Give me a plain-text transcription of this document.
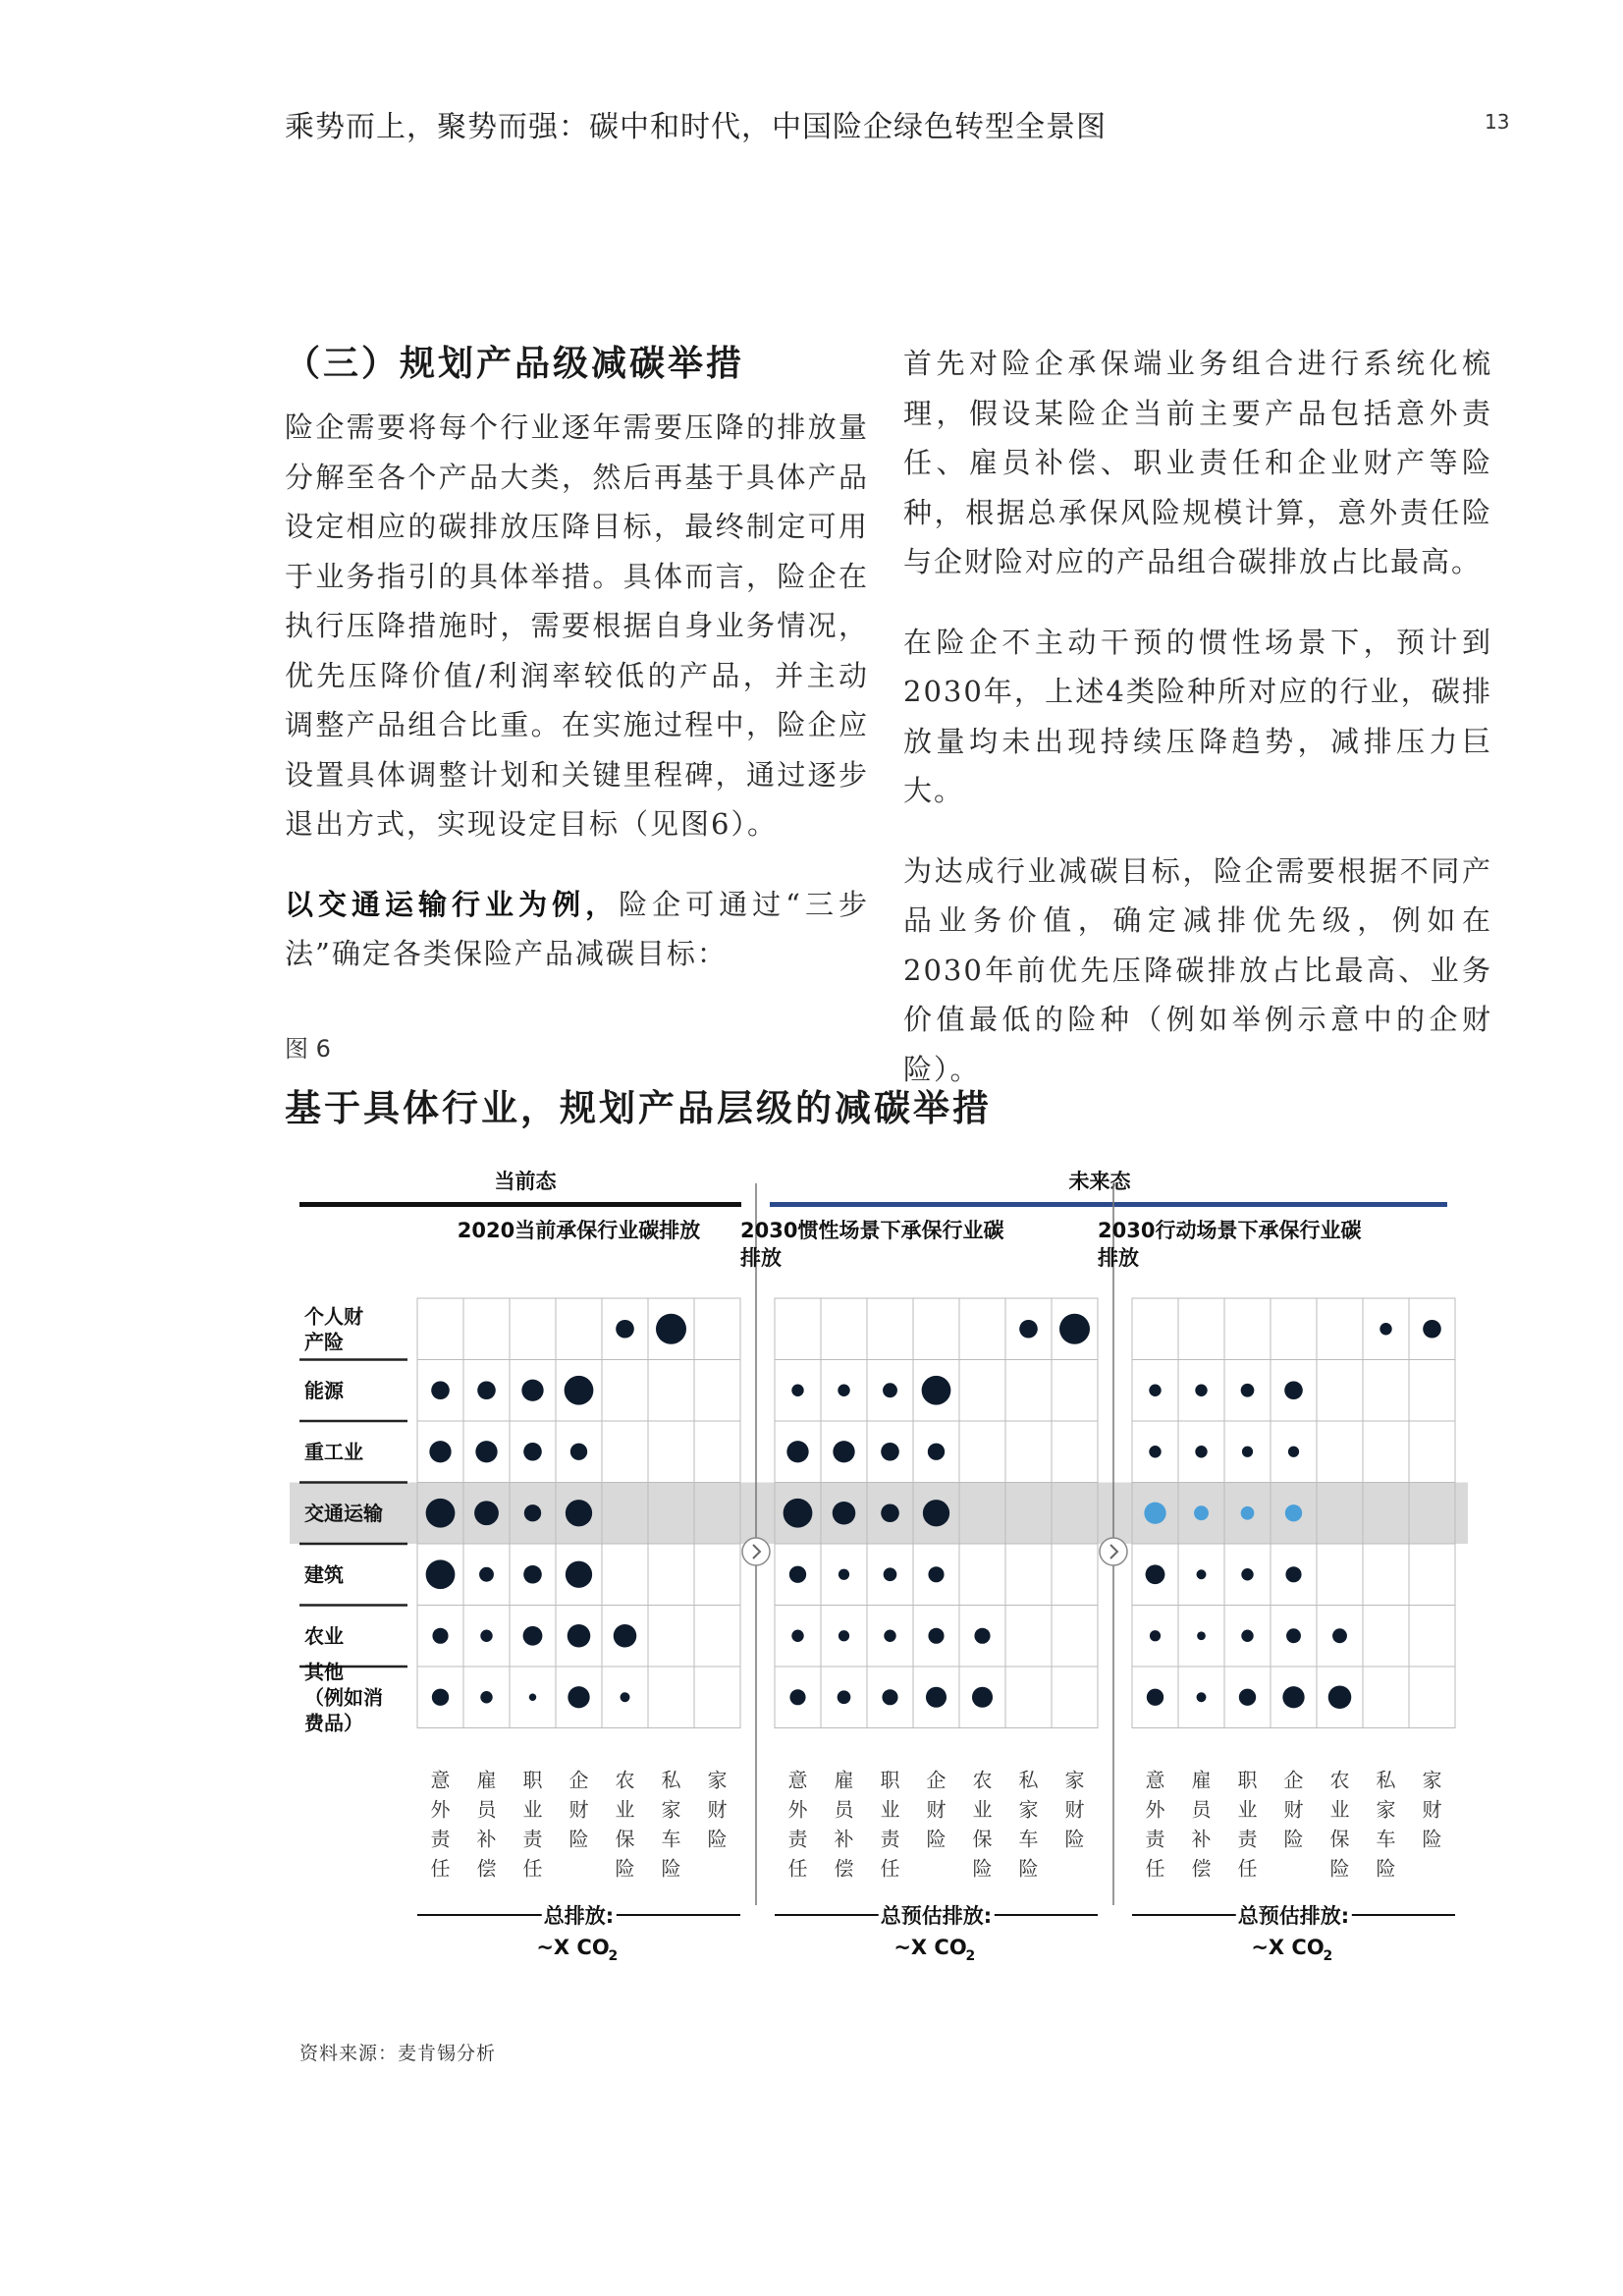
乘势而上，聚势而强：碳中和时代，中国险企绿色转型全景图	13
（三）规划产品级减碳举措

险企需要将每个行业逐年需要压降的排放量分解至各个产品大类，然后再基于具体产品设定相应的碳排放压降目标，最终制定可用于业务指引的具体举措。具体而言，险企在执行压降措施时，需要根据自身业务情况，优先压降价值/利润率较低的产品，并主动调整产品组合比重。在实施过程中，险企应设置具体调整计划和关键里程碑，通过逐步退出方式，实现设定目标（见图6）。

以交通运输行业为例，险企可通过“三步法”确定各类保险产品减碳目标：

首先对险企承保端业务组合进行系统化梳理，假设某险企当前主要产品包括意外责任、雇员补偿、职业责任和企业财产等险种，根据总承保风险规模计算，意外责任险与企财险对应的产品组合碳排放占比最高。

在险企不主动干预的惯性场景下，预计到2030年，上述4类险种所对应的行业，碳排放量均未出现持续压降趋势，减排压力巨大。

为达成行业减碳目标，险企需要根据不同产品业务价值，确定减排优先级，例如在2030年前优先压降碳排放占比最高、业务价值最低的险种（例如举例示意中的企财险）。

图 6
基于具体行业，规划产品层级的减碳举措
当前态	未来态
个人财
产险
能源
重工业
交通运输
建筑
农业
其他
（例如消
费品）
2020当前承保行业碳排放
意
外
责
任
雇
员
补
偿
职
业
责
任
企
财
险
农
业
保
险
私
家
车
险
家
财
险
总排放:
~X CO
2
2030惯性场景下承保行业碳
排放
意
外
责
任
雇
员
补
偿
职
业
责
任
企
财
险
农
业
保
险
私
家
车
险
家
财
险
总预估排放:
~X CO
2
2030行动场景下承保行业碳
排放
意
外
责
任
雇
员
补
偿
职
业
责
任
企
财
险
农
业
保
险
私
家
车
险
家
财
险
总预估排放:
~X CO
2
资料来源：麦肯锡分析
